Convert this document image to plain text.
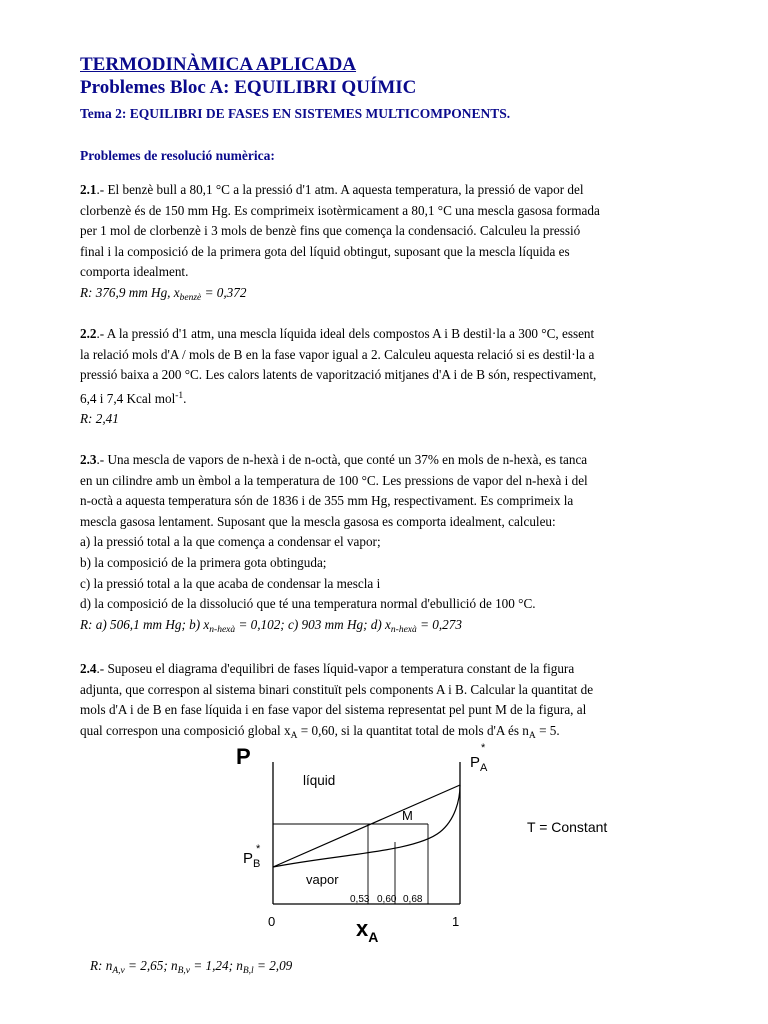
TERMODINÀMICA APLICADA
Problemes Bloc A: EQUILIBRI QUÍMIC
Tema 2: EQUILIBRI DE FASES EN SISTEMES MULTICOMPONENTS.
Problemes de resolució numèrica:
2.1.- El benzè bull a 80,1 °C a la pressió d'1 atm. A aquesta temperatura, la pressió de vapor del
clorbenzè és de 150 mm Hg. Es comprimeix isotèrmicament a 80,1 °C una mescla gasosa formada
per 1 mol de clorbenzè i 3 mols de benzè fins que comença la condensació. Calculeu la pressió
final i la composició de la primera gota del líquid obtingut, suposant que la mescla líquida es
comporta idealment.
R: 376,9 mm Hg, $x_{benzè} = 0,372$
2.2.- A la pressió d'1 atm, una mescla líquida ideal dels compostos A i B destil·la a 300 °C, essent
la relació mols d'A / mols de B en la fase vapor igual a 2. Calculeu aquesta relació si es destil·la a
pressió baixa a 200 °C. Les calors latents de vaporització mitjanes d'A i de B són, respectivament,
6,4 i 7,4 Kcal mol$^{-1}$.
R: 2,41
2.3.- Una mescla de vapors de n-hexà i de n-octà, que conté un 37% en mols de n-hexà, es tanca
en un cilindre amb un èmbol a la temperatura de 100 °C. Les pressions de vapor del n-hexà i del
n-octà a aquesta temperatura són de 1836 i de 355 mm Hg, respectivament. Es comprimeix la
mescla gasosa lentament. Suposant que la mescla gasosa es comporta idealment, calculeu:
a) la pressió total a la que comença a condensar el vapor;
b) la composició de la primera gota obtinguda;
c) la pressió total a la que acaba de condensar la mescla i
d) la composició de la dissolució que té una temperatura normal d'ebullició de 100 °C.
R: a) 506,1 mm Hg; b) $x_{n-hexà} = 0,102$; c) 903 mm Hg; d) $x_{n-hexà} = 0,273$
2.4.- Suposeu el diagrama d'equilibri de fases líquid-vapor a temperatura constant de la figura
adjunta, que correspon al sistema binari constituït pels components A i B. Calcular la quantitat de
mols d'A i de B en fase líquida i en fase vapor del sistema representat pel punt M de la figura, al
qual correspon una composició global $x_A = 0,60$, si la quantitat total de mols d'A és $n_A = 5$.
P	$P_A$
*
$P_B$
*
líquid
vapor
M
T = Constant
0,53 0,60 0,68
0	1
$x_A$
R: $n_{A,v} = 2,65$; $n_{B,v} = 1,24$; $n_{B,l} = 2,09$
